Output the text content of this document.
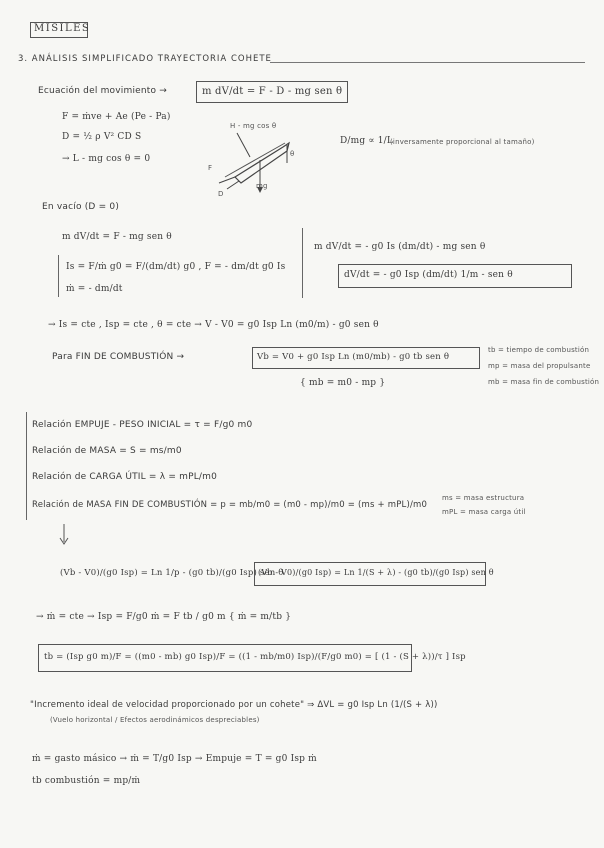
MISILES
3. ANÁLISIS SIMPLIFICADO TRAYECTORIA COHETE
Ecuación del movimiento →	m dV/dt = F - D - mg sen θ
F = ṁve + Ae (Pe - Pa)
D = ½ ρ V² CD S
→ L - mg cos θ = 0
H - mg cos θ
F
D
mg
θ
D/mg ∝ 1/L
(inversamente proporcional al tamaño)
En vacío (D = 0)
m dV/dt = F - mg sen θ
Is = F/ṁ g0 = F/(dm/dt) g0 , F = - dm/dt g0 Is
ṁ = - dm/dt
m dV/dt = - g0 Is (dm/dt) - mg sen θ
dV/dt = - g0 Isp (dm/dt) 1/m - sen θ
→ Is = cte , Isp = cte , θ = cte → V - V0 = g0 Isp Ln (m0/m) - g0 sen θ
Para FIN DE COMBUSTIÓN →	Vb = V0 + g0 Isp Ln (m0/mb) - g0 tb sen θ
{ mb = m0 - mp }
tb = tiempo de combustión
mp = masa del propulsante
mb = masa fin de combustión
Relación EMPUJE - PESO INICIAL = τ = F/g0 m0
Relación de MASA = S = ms/m0
Relación de CARGA ÚTIL = λ = mPL/m0
Relación de MASA FIN DE COMBUSTIÓN = p = mb/m0 = (m0 - mp)/m0 = (ms + mPL)/m0
ms = masa estructura
mPL = masa carga útil
(Vb - V0)/(g0 Isp) = Ln 1/p - (g0 tb)/(g0 Isp) sen θ
(Vb - V0)/(g0 Isp) = Ln 1/(S + λ) - (g0 tb)/(g0 Isp) sen θ
→ ṁ = cte → Isp = F/g0 ṁ = F tb / g0 m { ṁ = m/tb }
tb = (Isp g0 m)/F = ((m0 - mb) g0 Isp)/F = ((1 - mb/m0) Isp)/(F/g0 m0) = [ (1 - (S + λ))/τ ] Isp
"Incremento ideal de velocidad proporcionado por un cohete" ⇒ ΔVL = g0 Isp Ln (1/(S + λ))
(Vuelo horizontal / Efectos aerodinámicos despreciables)
ṁ = gasto másico → ṁ = T/g0 Isp → Empuje = T = g0 Isp ṁ
tb combustión = mp/ṁ
